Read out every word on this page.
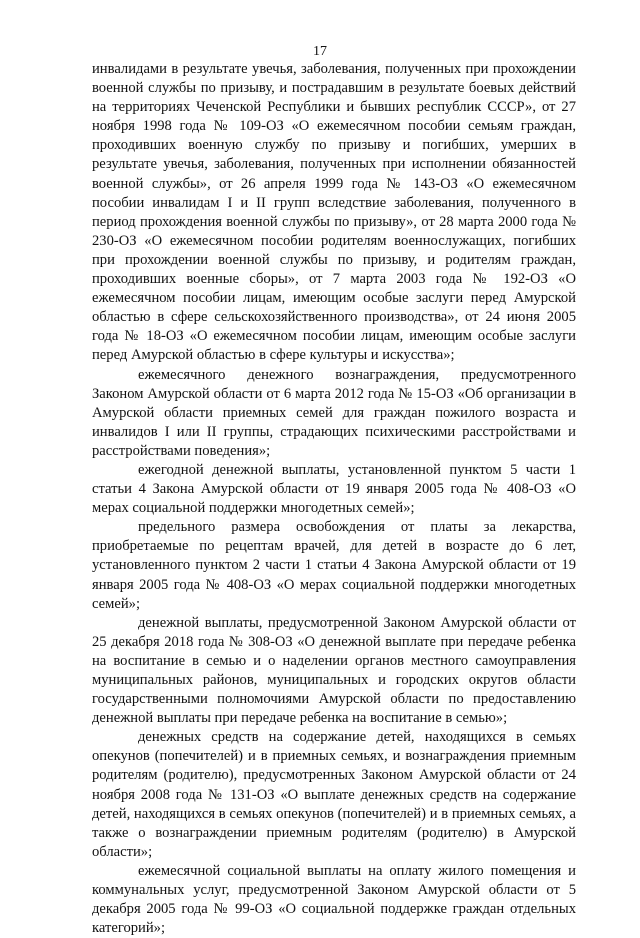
17

инвалидами в результате увечья, заболевания, полученных при прохождении военной службы по призыву, и пострадавшим в результате боевых действий на территориях Чеченской Республики и бывших республик СССР», от 27 ноября 1998 года № 109-ОЗ «О ежемесячном пособии семьям граждан, проходивших военную службу по призыву и погибших, умерших в результате увечья, заболевания, полученных при исполнении обязанностей военной службы», от 26 апреля 1999 года № 143-ОЗ «О ежемесячном пособии инвалидам I и II групп вследствие заболевания, полученного в период прохождения военной службы по призыву», от 28 марта 2000 года № 230-ОЗ «О ежемесячном пособии родителям военнослужащих, погибших при прохождении военной службы по призыву, и родителям граждан, проходивших военные сборы», от 7 марта 2003 года № 192-ОЗ «О ежемесячном пособии лицам, имеющим особые заслуги перед Амурской областью в сфере сельскохозяйственного производства», от 24 июня 2005 года № 18-ОЗ «О ежемесячном пособии лицам, имеющим особые заслуги перед Амурской областью в сфере культуры и искусства»;

ежемесячного денежного вознаграждения, предусмотренного Законом Амурской области от 6 марта 2012 года № 15-ОЗ «Об организации в Амурской области приемных семей для граждан пожилого возраста и инвалидов I или II группы, страдающих психическими расстройствами и расстройствами поведения»;

ежегодной денежной выплаты, установленной пунктом 5 части 1 статьи 4 Закона Амурской области от 19 января 2005 года № 408-ОЗ «О мерах социальной поддержки многодетных семей»;

предельного размера освобождения от платы за лекарства, приобретаемые по рецептам врачей, для детей в возрасте до 6 лет, установленного пунктом 2 части 1 статьи 4 Закона Амурской области от 19 января 2005 года № 408-ОЗ «О мерах социальной поддержки многодетных семей»;

денежной выплаты, предусмотренной Законом Амурской области от 25 декабря 2018 года № 308-ОЗ «О денежной выплате при передаче ребенка на воспитание в семью и о наделении органов местного самоуправления муниципальных районов, муниципальных и городских округов области государственными полномочиями Амурской области по предоставлению денежной выплаты при передаче ребенка на воспитание в семью»;

денежных средств на содержание детей, находящихся в семьях опекунов (попечителей) и в приемных семьях, и вознаграждения приемным родителям (родителю), предусмотренных Законом Амурской области от 24 ноября 2008 года № 131-ОЗ «О выплате денежных средств на содержание детей, находящихся в семьях опекунов (попечителей) и в приемных семьях, а также о вознаграждении приемным родителям (родителю) в Амурской области»;

ежемесячной социальной выплаты на оплату жилого помещения и коммунальных услуг, предусмотренной Законом Амурской области от 5 декабря 2005 года № 99-ОЗ «О социальной поддержке граждан отдельных категорий»;
